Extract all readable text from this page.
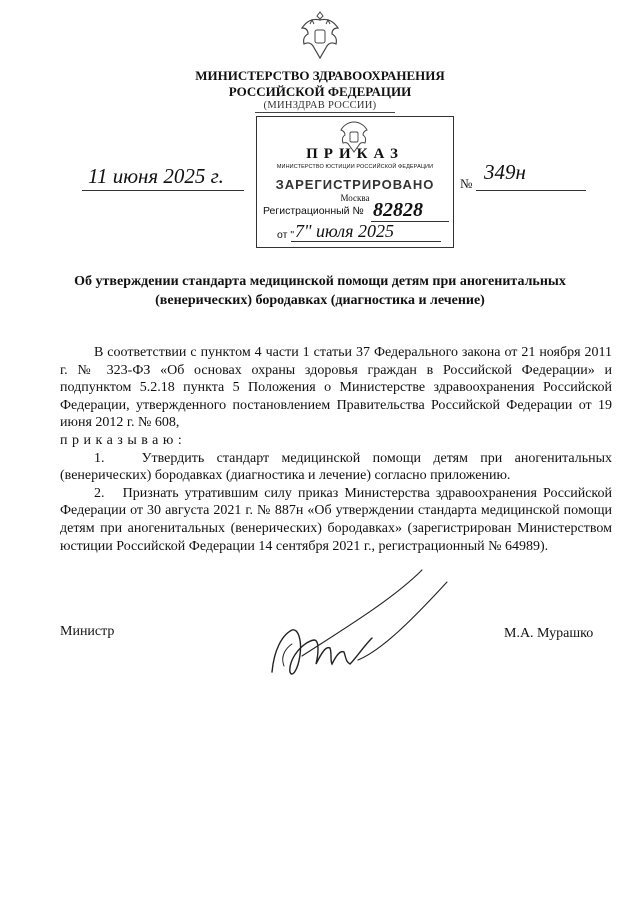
МИНИСТЕРСТВО ЗДРАВООХРАНЕНИЯ
РОССИЙСКОЙ ФЕДЕРАЦИИ
(МИНЗДРАВ РОССИИ)
ПРИКАЗ
МИНИСТЕРСТВО ЮСТИЦИИ РОССИЙСКОЙ ФЕДЕРАЦИИ
ЗАРЕГИСТРИРОВАНО
Москва
Регистрационный № 82828
от " 7" июля 2025
11 июня 2025 г.	№ 349н
Об утверждении стандарта медицинской помощи детям при аногенитальных
(венерических) бородавках (диагностика и лечение)

В соответствии с пунктом 4 части 1 статьи 37 Федерального закона от 21 ноября 2011 г. № 323-ФЗ «Об основах охраны здоровья граждан в Российской Федерации» и подпунктом 5.2.18 пункта 5 Положения о Министерстве здравоохранения Российской Федерации, утвержденного постановлением Правительства Российской Федерации от 19 июня 2012 г. № 608,

приказываю:

1.   Утвердить стандарт медицинской помощи детям при аногенитальных (венерических) бородавках (диагностика и лечение) согласно приложению.

2.   Признать утратившим силу приказ Министерства здравоохранения Российской Федерации от 30 августа 2021 г. № 887н «Об утверждении стандарта медицинской помощи детям при аногенитальных (венерических) бородавках» (зарегистрирован Министерством юстиции Российской Федерации 14 сентября 2021 г., регистрационный № 64989).

Министр	М.А. Мурашко
